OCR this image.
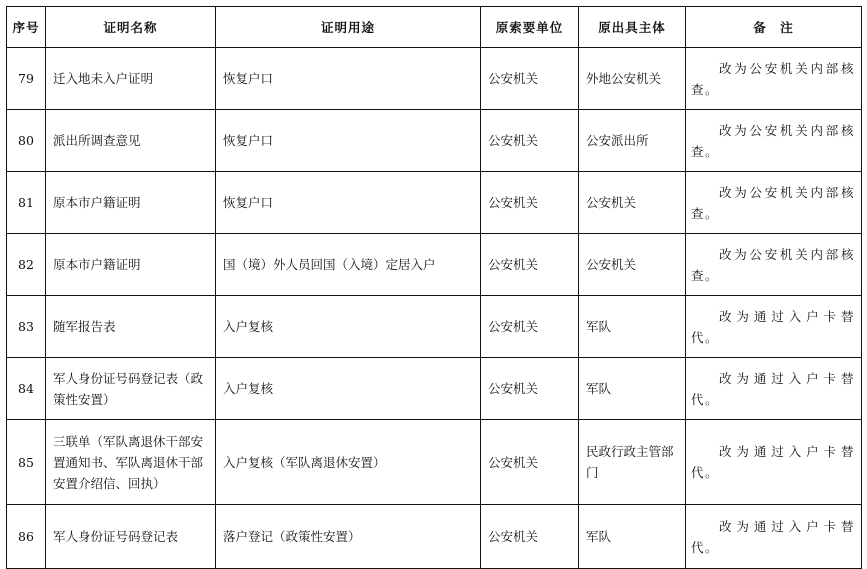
序号	证明名称	证明用途	原索要单位	原出具主体	备　注
79	迁入地未入户证明	恢复户口	公安机关	外地公安机关	改为公安机关内部核查。

80	派出所调查意见	恢复户口	公安机关	公安派出所	改为公安机关内部核查。

81	原本市户籍证明	恢复户口	公安机关	公安机关	改为公安机关内部核查。

82	原本市户籍证明	国（境）外人员回国（入境）定居入户	公安机关	公安机关	改为公安机关内部核查。

83	随军报告表	入户复核	公安机关	军队	改为通过入户卡替代。

84	军人身份证号码登记表（政策性安置）	入户复核	公安机关	军队	改为通过入户卡替代。

85	三联单（军队离退休干部安置通知书、军队离退休干部安置介绍信、回执）	入户复核（军队离退休安置）	公安机关	民政行政主管部门	改为通过入户卡替代。

86	军人身份证号码登记表	落户登记（政策性安置）	公安机关	军队	改为通过入户卡替代。
